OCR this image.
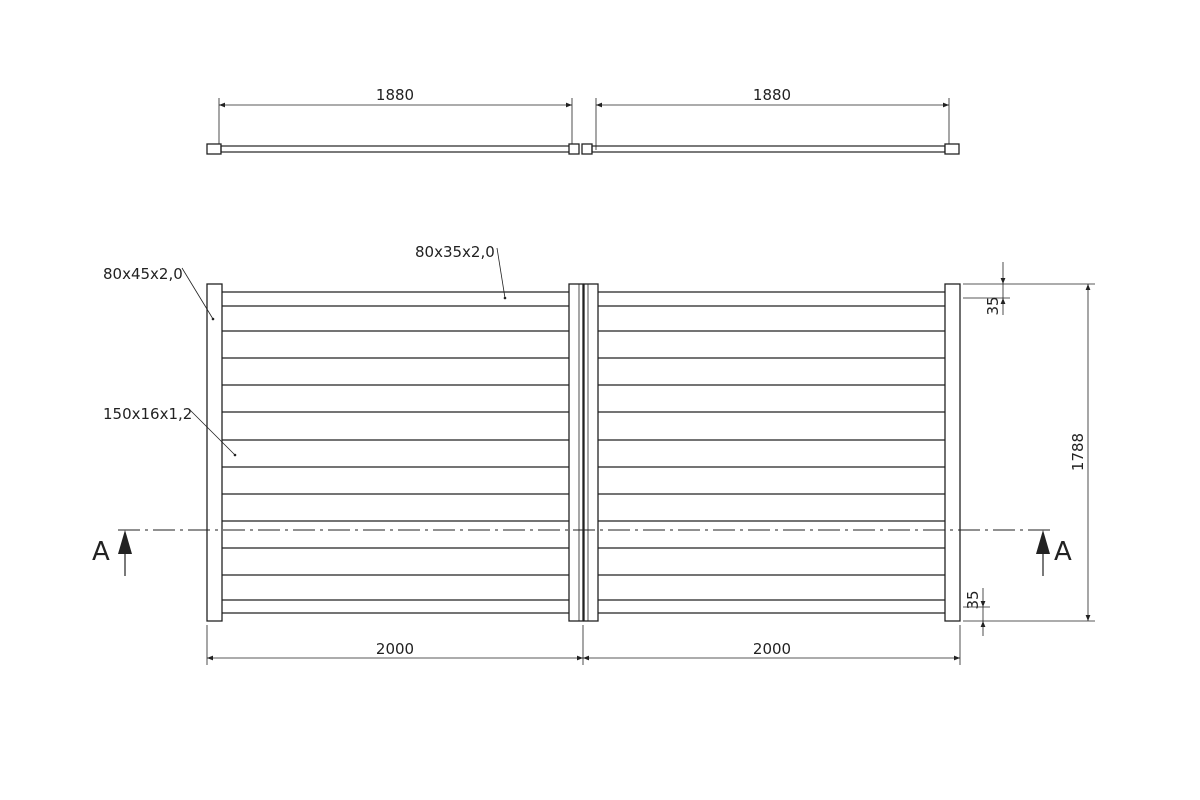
1880	1880
A	A
80x45x2,0
80x35x2,0
150x16x1,2
2000	2000
1788
35
35
